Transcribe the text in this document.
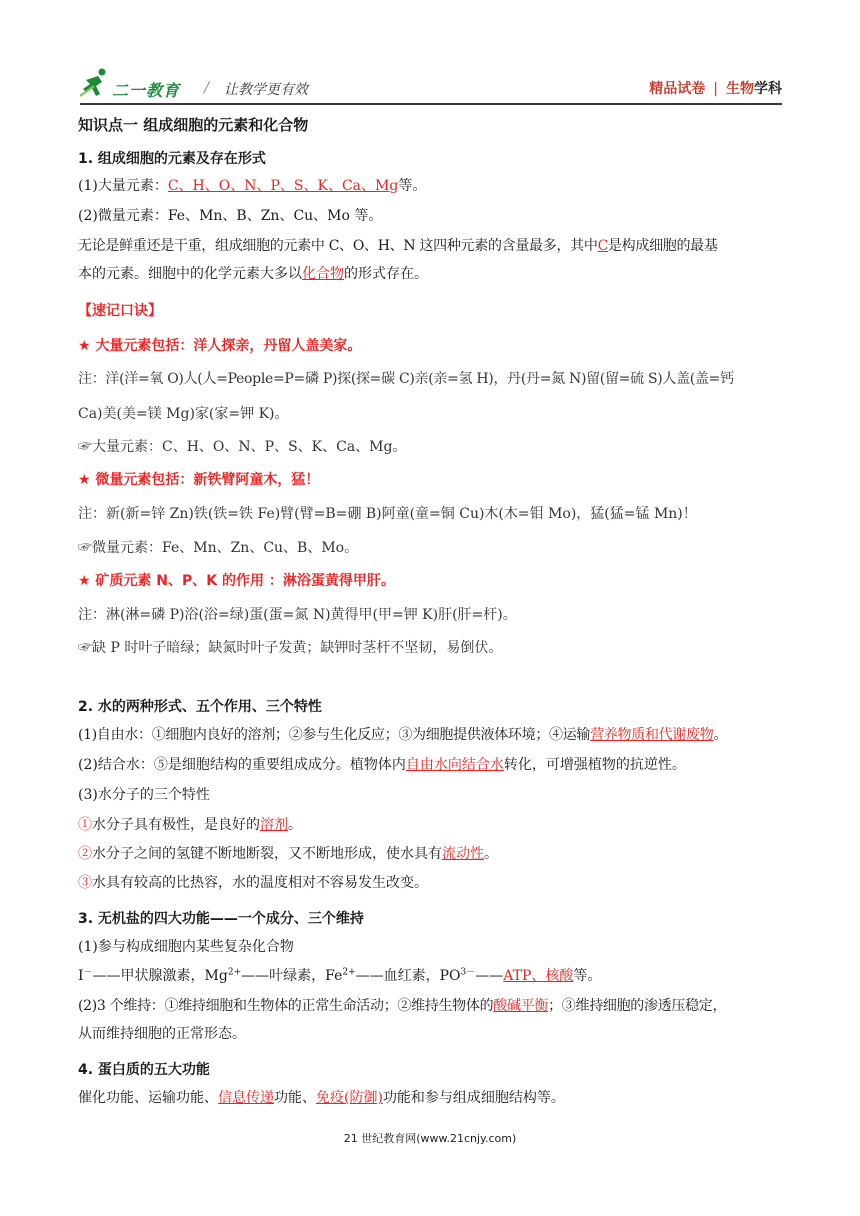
二一教育 / 让教学更有效	精品试卷 | 生物学科
知识点一 组成细胞的元素和化合物
1. 组成细胞的元素及存在形式
(1)大量元素：C、H、O、N、P、S、K、Ca、Mg等。
(2)微量元素：Fe、Mn、B、Zn、Cu、Mo 等。
无论是鲜重还是干重，组成细胞的元素中 C、O、H、N 这四种元素的含量最多，其中C是构成细胞的最基
本的元素。细胞中的化学元素大多以化合物的形式存在。
【速记口诀】
★ 大量元素包括：洋人探亲，丹留人盖美家。
注：洋(洋=氧 O)人(人=People=P=磷 P)探(探=碳 C)亲(亲=氢 H)，丹(丹=氮 N)留(留=硫 S)人盖(盖=钙
Ca)美(美=镁 Mg)家(家=钾 K)。
☞大量元素：C、H、O、N、P、S、K、Ca、Mg。
★ 微量元素包括：新铁臂阿童木，猛！
注：新(新=锌 Zn)铁(铁=铁 Fe)臂(臂=B=硼 B)阿童(童=铜 Cu)木(木=钼 Mo)，猛(猛=锰 Mn)！
☞微量元素：Fe、Mn、Zn、Cu、B、Mo。
★ 矿质元素 N、P、K 的作用 ：淋浴蛋黄得甲肝。
注：淋(淋=磷 P)浴(浴=绿)蛋(蛋=氮 N)黄得甲(甲=钾 K)肝(肝=杆)。
☞缺 P 时叶子暗绿；缺氮时叶子发黄；缺钾时茎杆不坚韧，易倒伏。
2. 水的两种形式、五个作用、三个特性
(1)自由水：①细胞内良好的溶剂；②参与生化反应；③为细胞提供液体环境；④运输营养物质和代谢废物。
(2)结合水：⑤是细胞结构的重要组成成分。植物体内自由水向结合水转化，可增强植物的抗逆性。
(3)水分子的三个特性
①水分子具有极性，是良好的溶剂。
②水分子之间的氢键不断地断裂，又不断地形成，使水具有流动性。
③水具有较高的比热容，水的温度相对不容易发生改变。
3. 无机盐的四大功能——一个成分、三个维持
(1)参与构成细胞内某些复杂化合物
I－——甲状腺激素，$Mg^{2+}——$叶绿素，$Fe^{2+}——$血红素，$PO^{3-}——ATP$、核酸等。
(2)3 个维持：①维持细胞和生物体的正常生命活动；②维持生物体的酸碱平衡；③维持细胞的渗透压稳定，
从而维持细胞的正常形态。
4. 蛋白质的五大功能
催化功能、运输功能、信息传递功能、免疫(防御)功能和参与组成细胞结构等。
21 世纪教育网(www.21cnjy.com)
